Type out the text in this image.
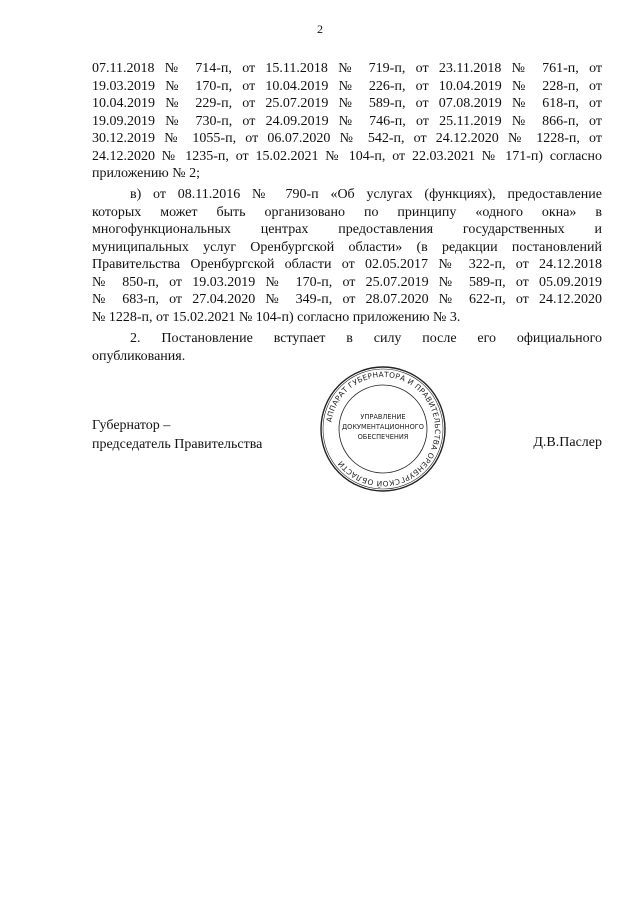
2
07.11.2018 № 714-п, от 15.11.2018 № 719-п, от 23.11.2018 № 761-п, от
19.03.2019 № 170-п, от 10.04.2019 № 226-п, от 10.04.2019 № 228-п, от
10.04.2019 № 229-п, от 25.07.2019 № 589-п, от 07.08.2019 № 618-п, от
19.09.2019 № 730-п, от 24.09.2019 № 746-п, от 25.11.2019 № 866-п, от
30.12.2019 № 1055-п, от 06.07.2020 № 542-п, от 24.12.2020 № 1228-п, от
24.12.2020 № 1235-п, от 15.02.2021 № 104-п, от 22.03.2021 № 171-п) согласно
приложению № 2;
в) от 08.11.2016 № 790-п «Об услугах (функциях), предоставление
которых может быть организовано по принципу «одного окна» в
многофункциональных центрах предоставления государственных и
муниципальных услуг Оренбургской области» (в редакции постановлений
Правительства Оренбургской области от 02.05.2017 № 322-п, от 24.12.2018
№ 850-п, от 19.03.2019 № 170-п, от 25.07.2019 № 589-п, от 05.09.2019
№ 683-п, от 27.04.2020 № 349-п, от 28.07.2020 № 622-п, от 24.12.2020
№ 1228-п, от 15.02.2021 № 104-п) согласно приложению № 3.
2. Постановление вступает в силу после его официального
опубликования.
Губернатор –
председатель Правительства	Д.В.Паслер
АППАРАТ ГУБЕРНАТОРА И ПРАВИТЕЛЬСТВА ОРЕНБУРГСКОЙ ОБЛАСТИ
УПРАВЛЕНИЕ
ДОКУМЕНТАЦИОННОГО
ОБЕСПЕЧЕНИЯ
